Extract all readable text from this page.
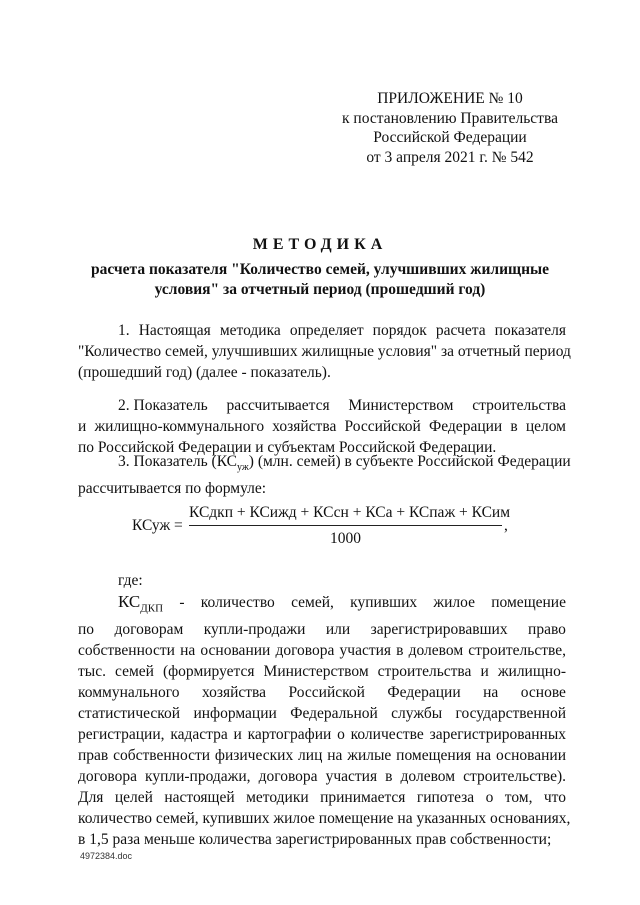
ПРИЛОЖЕНИЕ № 10
к постановлению Правительства
Российской Федерации
от 3 апреля 2021 г. № 542
МЕТОДИКА
расчета показателя "Количество семей, улучшивших жилищные
условия" за отчетный период (прошедший год)
1. Настоящая методика определяет порядок расчета показателя
"Количество семей, улучшивших жилищные условия" за отчетный период
(прошедший год) (далее - показатель).
2. Показатель рассчитывается Министерством строительства
и жилищно-коммунального хозяйства Российской Федерации в целом
по Российской Федерации и субъектам Российской Федерации.
3. Показатель $(КС_{уж})$ (млн. семей) в субъекте Российской Федерации
рассчитывается по формуле:
КСуж =
КСдкп + КСижд + КСсн + КСа + КСпаж + КСим
1000
,
где:
$КС_{ДКП}$ - количество семей, купивших жилое помещение
по договорам купли-продажи или зарегистрировавших право
собственности на основании договора участия в долевом строительстве,
тыс. семей (формируется Министерством строительства и жилищно-
коммунального хозяйства Российской Федерации на основе
статистической информации Федеральной службы государственной
регистрации, кадастра и картографии о количестве зарегистрированных
прав собственности физических лиц на жилые помещения на основании
договора купли-продажи, договора участия в долевом строительстве).
Для целей настоящей методики принимается гипотеза о том, что
количество семей, купивших жилое помещение на указанных основаниях,
в 1,5 раза меньше количества зарегистрированных прав собственности;
4972384.doc
